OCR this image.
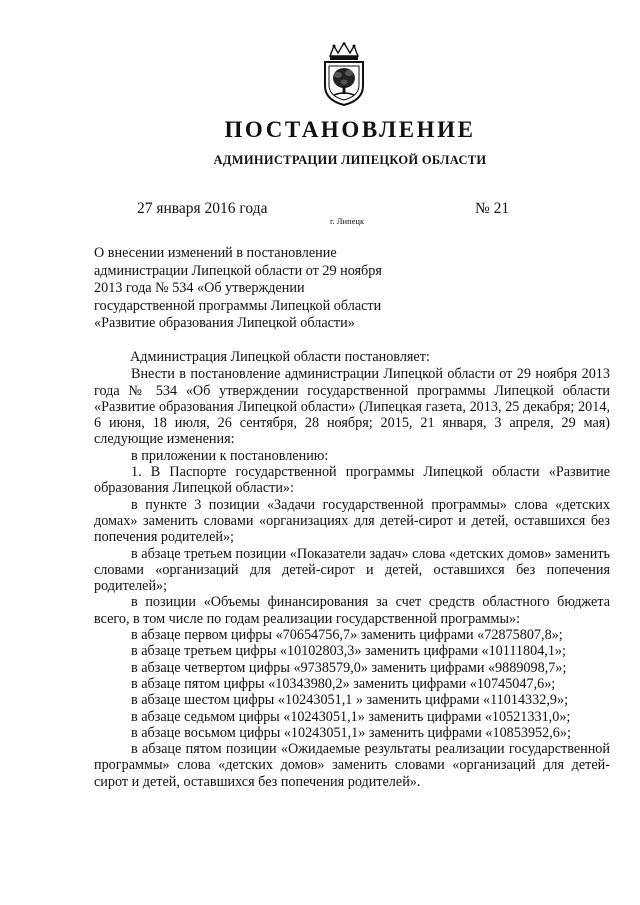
ПОСТАНОВЛЕНИЕ
АДМИНИСТРАЦИИ ЛИПЕЦКОЙ ОБЛАСТИ
27 января 2016 года
г. Липецк
№ 21
О внесении изменений в постановление
администрации Липецкой области от 29 ноября
2013 года № 534 «Об утверждении
государственной программы Липецкой области
«Развитие образования Липецкой области»

Администрация Липецкой области постановляет:

Внести в постановление администрации Липецкой области от 29 ноября 2013 года № 534 «Об утверждении государственной программы Липецкой области «Развитие образования Липецкой области» (Липецкая газета, 2013, 25 декабря; 2014, 6 июня, 18 июля, 26 сентября, 28 ноября; 2015, 21 января, 3 апреля, 29 мая) следующие изменения:

в приложении к постановлению:

1. В Паспорте государственной программы Липецкой области «Развитие образования Липецкой области»:

в пункте 3 позиции «Задачи государственной программы» слова «детских домах» заменить словами «организациях для детей-сирот и детей, оставшихся без попечения родителей»;

в абзаце третьем позиции «Показатели задач» слова «детских домов» заменить словами «организаций для детей-сирот и детей, оставшихся без попечения родителей»;

в позиции «Объемы финансирования за счет средств областного бюджета всего, в том числе по годам реализации государственной программы»:

в абзаце первом цифры «70654756,7» заменить цифрами «72875807,8»;

в абзаце третьем цифры «10102803,3» заменить цифрами «10111804,1»;

в абзаце четвертом цифры «9738579,0» заменить цифрами «9889098,7»;

в абзаце пятом цифры «10343980,2» заменить цифрами «10745047,6»;

в абзаце шестом цифры «10243051,1 » заменить цифрами «11014332,9»;

в абзаце седьмом цифры «10243051,1» заменить цифрами «10521331,0»;

в абзаце восьмом цифры «10243051,1» заменить цифрами «10853952,6»;

в абзаце пятом позиции «Ожидаемые результаты реализации государственной программы» слова «детских домов» заменить словами «организаций для детей-сирот и детей, оставшихся без попечения родителей».
